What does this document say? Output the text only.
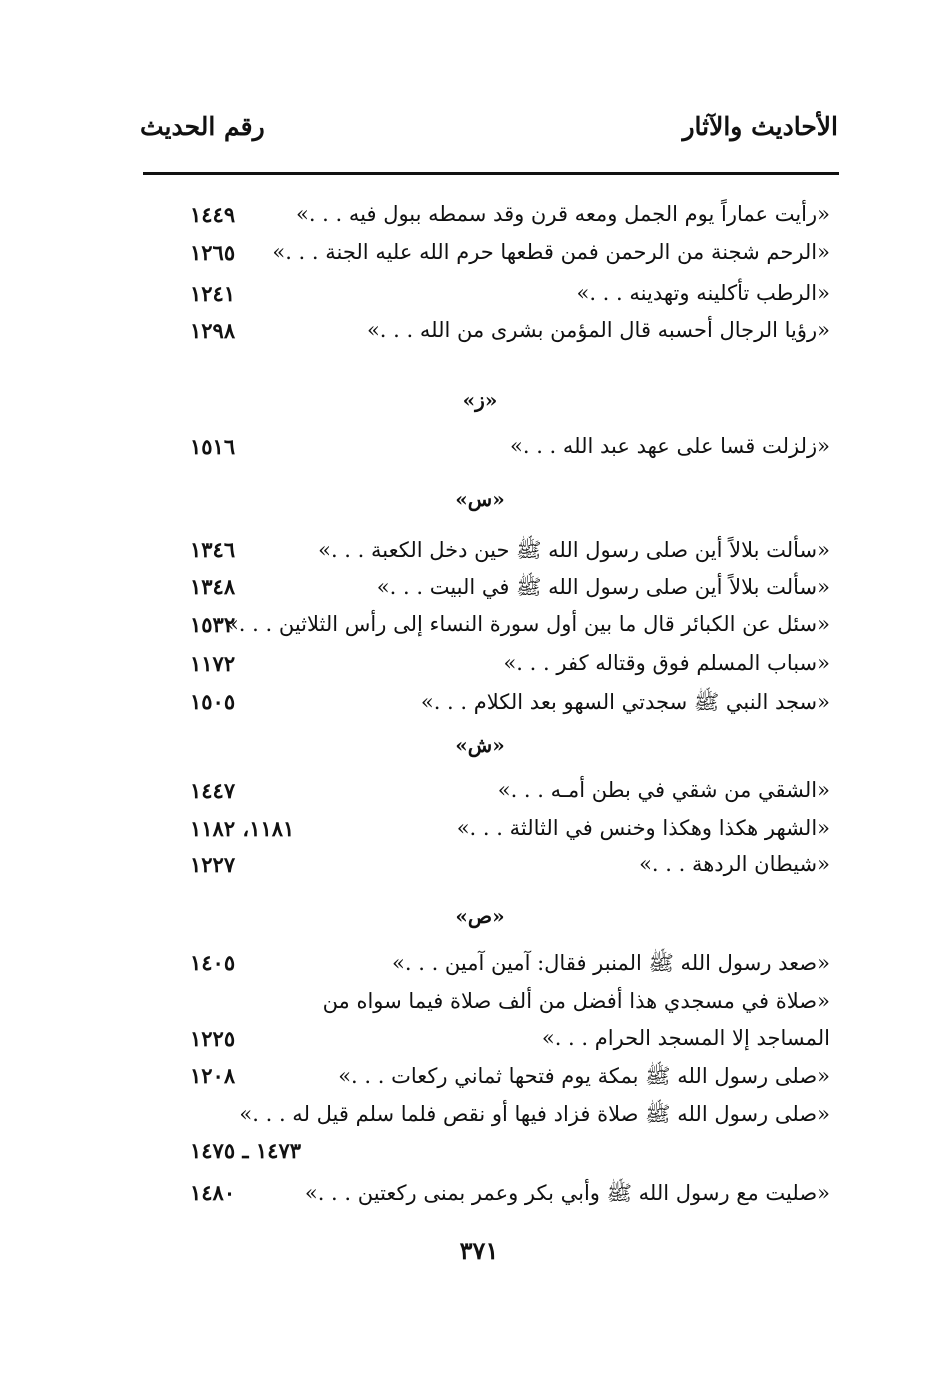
الأحاديث والآثار
رقم الحديث
«رأيت عماراً يوم الجمل ومعه قرن وقد سمطه ببول فيه . . .»
١٤٤٩
«الرحم شجنة من الرحمن فمن قطعها حرم الله عليه الجنة . . .»
١٢٦٥
«الرطب تأكلينه وتهدينه . . .»
١٢٤١
«رؤيا الرجال أحسبه قال المؤمن بشرى من الله . . .»
١٢٩٨
«ز»
«زلزلت قسا على عهد عبد الله . . .»
١٥١٦
«س»
«سألت بلالاً أين صلى رسول الله ﷺ حين دخل الكعبة . . .»
١٣٤٦
«سألت بلالاً أين صلى رسول الله ﷺ في البيت . . .»
١٣٤٨
«سئل عن الكبائر قال ما بين أول سورة النساء إلى رأس الثلاثين . . .»
١٥٣٢
«سباب المسلم فوق وقتاله كفر . . .»
١١٧٢
«سجد النبي ﷺ سجدتي السهو بعد الكلام . . .»
١٥٠٥
«ش»
«الشقي من شقي في بطن أمـه . . .»
١٤٤٧
«الشهر هكذا وهكذا وخنس في الثالثة . . .»
١١٨١، ١١٨٢
«شيطان الردهة . . .»
١٢٢٧
«ص»
«صعد رسول الله ﷺ المنبر فقال: آمين آمين . . .»
١٤٠٥
«صلاة في مسجدي هذا أفضل من ألف صلاة فيما سواه من
المساجد إلا المسجد الحرام . . .»
١٢٢٥
«صلى رسول الله ﷺ بمكة يوم فتحها ثماني ركعات . . .»
١٢٠٨
«صلى رسول الله ﷺ صلاة فزاد فيها أو نقص فلما سلم قيل له . . .»
١٤٧٣ ـ ١٤٧٥
«صليت مع رسول الله ﷺ وأبي بكر وعمر بمنى ركعتين . . .»
١٤٨٠
٣٧١
